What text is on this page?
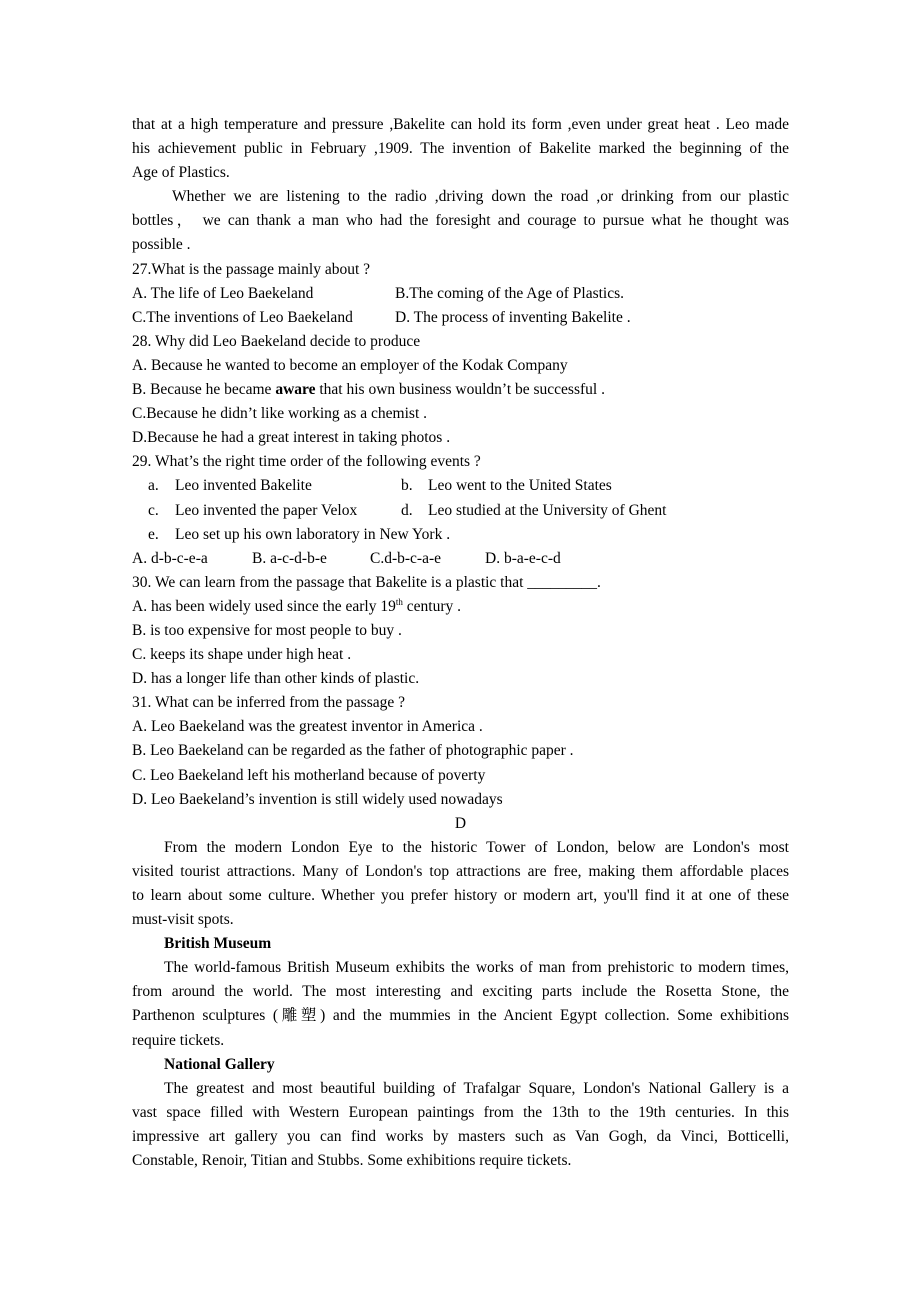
that at a high temperature and pressure ,Bakelite can hold its form ,even under great heat . Leo made
his achievement public in February ,1909. The invention of Bakelite marked the beginning of the
Age of Plastics.
Whether we are listening to the radio ,driving down the road ,or drinking from our plastic
bottles， we can thank a man who had the foresight and courage to pursue what he thought was
possible .
27.What is the passage mainly about ?
A. The life of Leo Baekeland	B.The coming of the Age of Plastics.
C.The inventions of Leo Baekeland	D. The process of inventing Bakelite .
28. Why did Leo Baekeland decide to produce
A. Because he wanted to become an employer of the Kodak Company
B. Because he became aware that his own business wouldn’t be successful .
C.Because he didn’t like working as a chemist .
D.Because he had a great interest in taking photos .
29. What’s the right time order of the following events ?
a.	Leo invented Bakelite	b. Leo went to the United States
c.	Leo invented the paper Velox	d. Leo studied at the University of Ghent
e.	Leo set up his own laboratory in New York .
A. d-b-c-e-a	B. a-c-d-b-e	C.d-b-c-a-e	D. b-a-e-c-d
30. We can learn from the passage that Bakelite is a plastic that _________.
A. has been widely used since the early 19th century .
B. is too expensive for most people to buy .
C. keeps its shape under high heat .
D. has a longer life than other kinds of plastic.
31. What can be inferred from the passage ?
A. Leo Baekeland was the greatest inventor in America .
B. Leo Baekeland can be regarded as the father of photographic paper .
C. Leo Baekeland left his motherland because of poverty
D. Leo Baekeland’s invention is still widely used nowadays
D
From the modern London Eye to the historic Tower of London, below are London's most
visited tourist attractions. Many of London's top attractions are free, making them affordable places
to learn about some culture. Whether you prefer history or modern art, you'll find it at one of these
must-visit spots.
British Museum
The world-famous British Museum exhibits the works of man from prehistoric to modern times,
from around the world. The most interesting and exciting parts include the Rosetta Stone, the
Parthenon sculptures (雕塑) and the mummies in the Ancient Egypt collection. Some exhibitions
require tickets.
National Gallery
The greatest and most beautiful building of Trafalgar Square, London's National Gallery is a
vast space filled with Western European paintings from the 13th to the 19th centuries. In this
impressive art gallery you can find works by masters such as Van Gogh, da Vinci, Botticelli,
Constable, Renoir, Titian and Stubbs. Some exhibitions require tickets.
